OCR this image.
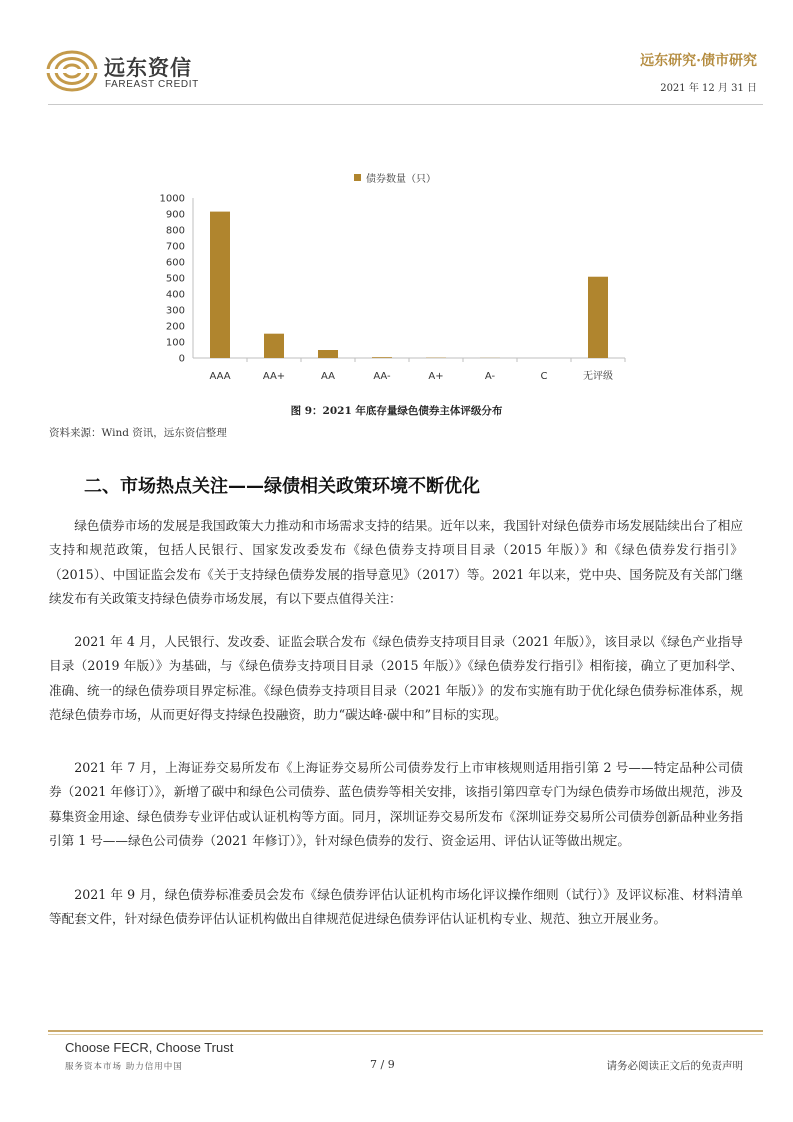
远东资信
FAREAST CREDIT
远东研究·债市研究
2021 年 12 月 31 日
债券数量（只）
0
100
200
300
400
500
600
700
800
900
1000
AAA	AA+	AA	AA-	A+	A-	C	无评级
图 9：2021 年底存量绿色债券主体评级分布
资料来源：Wind 资讯，远东资信整理
二、市场热点关注——绿债相关政策环境不断优化

绿色债券市场的发展是我国政策大力推动和市场需求支持的结果。近年以来，我国针对绿色债券市场发展陆续出台了相应支持和规范政策，包括人民银行、国家发改委发布《绿色债券支持项目目录（2015 年版）》和《绿色债券发行指引》（2015）、中国证监会发布《关于支持绿色债券发展的指导意见》（2017）等。2021 年以来，党中央、国务院及有关部门继续发布有关政策支持绿色债券市场发展，有以下要点值得关注：

2021 年 4 月，人民银行、发改委、证监会联合发布《绿色债券支持项目目录（2021 年版）》，该目录以《绿色产业指导目录（2019 年版）》为基础，与《绿色债券支持项目目录（2015 年版）》《绿色债券发行指引》相衔接，确立了更加科学、准确、统一的绿色债券项目界定标准。《绿色债券支持项目目录（2021 年版）》的发布实施有助于优化绿色债券标准体系，规范绿色债券市场，从而更好得支持绿色投融资，助力“碳达峰·碳中和”目标的实现。

2021 年 7 月，上海证券交易所发布《上海证券交易所公司债券发行上市审核规则适用指引第 2 号——特定品种公司债券（2021 年修订）》，新增了碳中和绿色公司债券、蓝色债券等相关安排，该指引第四章专门为绿色债券市场做出规范，涉及募集资金用途、绿色债券专业评估或认证机构等方面。同月，深圳证券交易所发布《深圳证券交易所公司债券创新品种业务指引第 1 号——绿色公司债券（2021 年修订）》，针对绿色债券的发行、资金运用、评估认证等做出规定。

2021 年 9 月，绿色债券标准委员会发布《绿色债券评估认证机构市场化评议操作细则（试行）》及评议标准、材料清单等配套文件，针对绿色债券评估认证机构做出自律规范促进绿色债券评估认证机构专业、规范、独立开展业务。

Choose FECR, Choose Trust
服务资本市场 助力信用中国	7 / 9	请务必阅读正文后的免责声明
